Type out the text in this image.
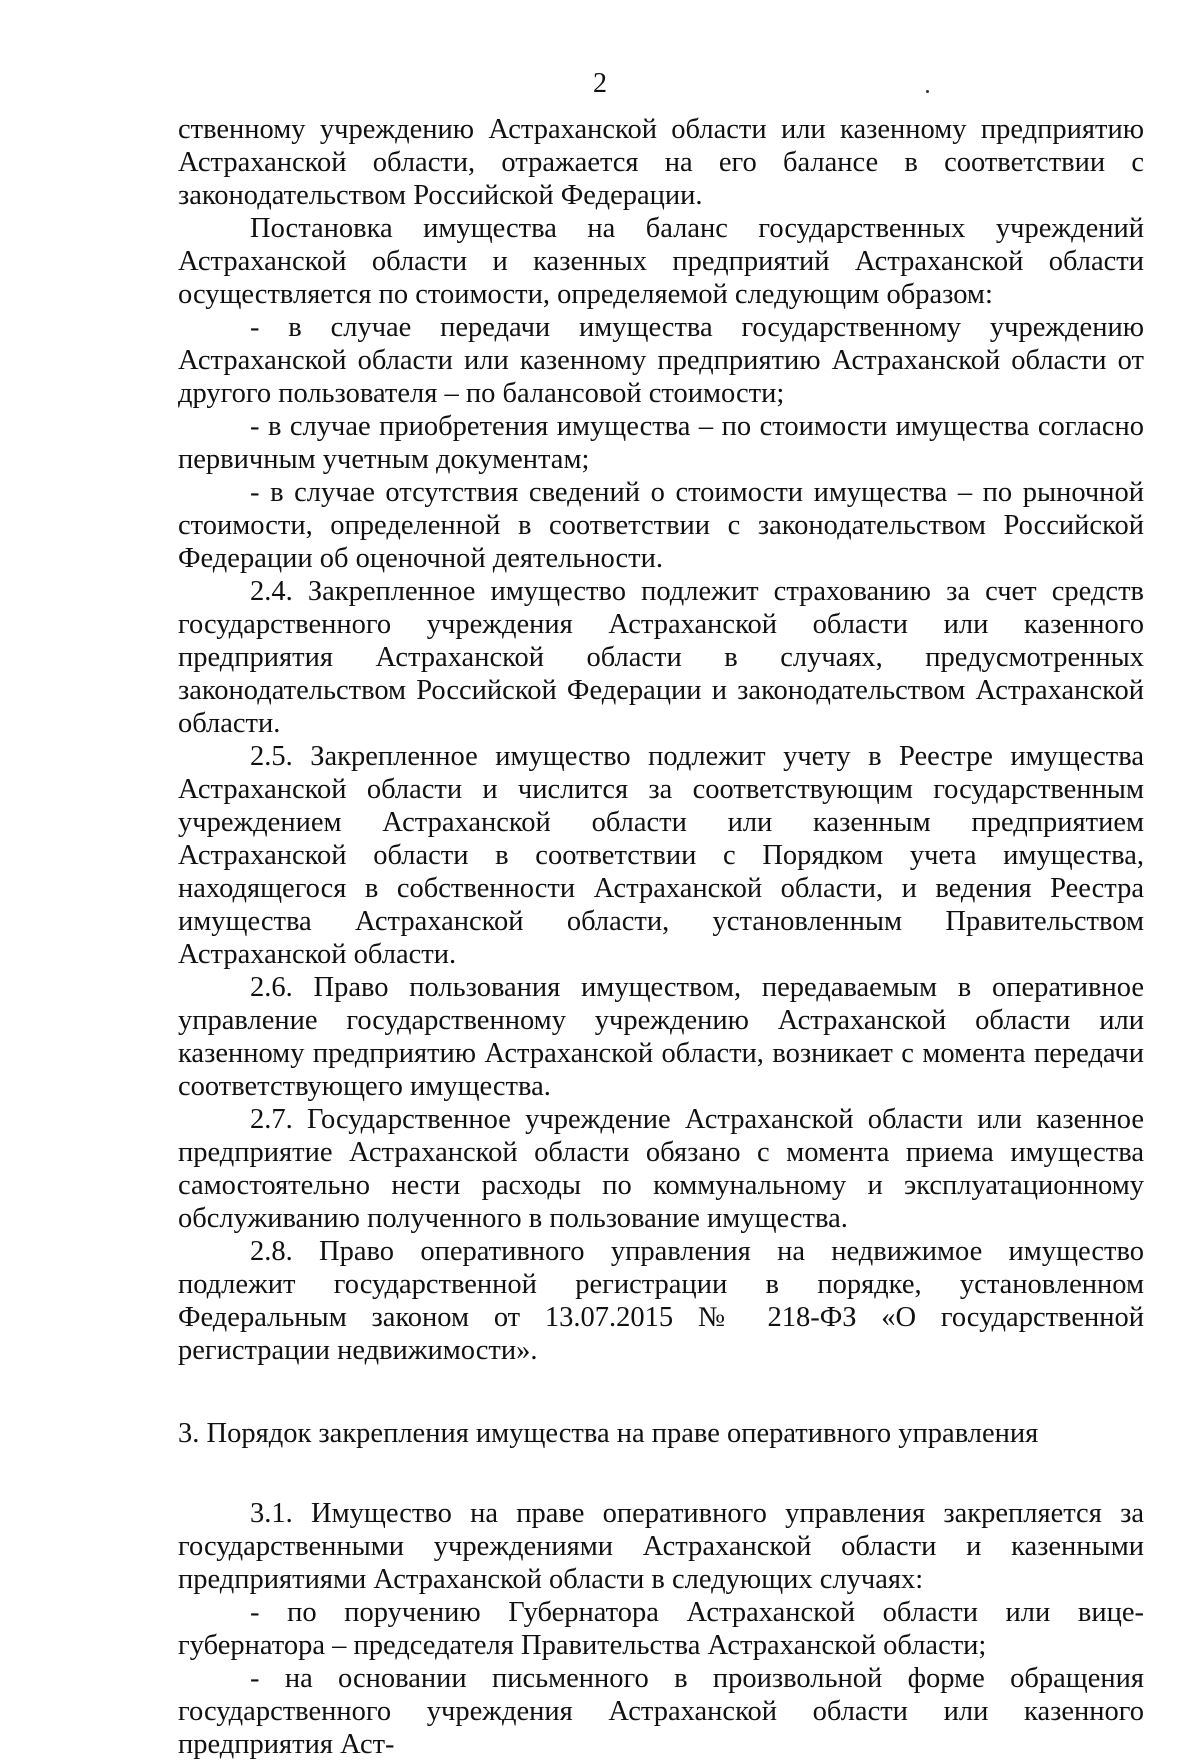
2

ственному учреждению Астраханской области или казенному предприятию Астраханской области, отражается на его балансе в соответствии с законодательством Российской Федерации.

Постановка имущества на баланс государственных учреждений Астраханской области и казенных предприятий Астраханской области осуществляется по стоимости, определяемой следующим образом:

- в случае передачи имущества государственному учреждению Астраханской области или казенному предприятию Астраханской области от другого пользователя – по балансовой стоимости;

- в случае приобретения имущества – по стоимости имущества согласно первичным учетным документам;

- в случае отсутствия сведений о стоимости имущества – по рыночной стоимости, определенной в соответствии с законодательством Российской Федерации об оценочной деятельности.

2.4. Закрепленное имущество подлежит страхованию за счет средств государственного учреждения Астраханской области или казенного предприятия Астраханской области в случаях, предусмотренных законодательством Российской Федерации и законодательством Астраханской области.

2.5. Закрепленное имущество подлежит учету в Реестре имущества Астраханской области и числится за соответствующим государственным учреждением Астраханской области или казенным предприятием Астраханской области в соответствии с Порядком учета имущества, находящегося в собственности Астраханской области, и ведения Реестра имущества Астраханской области, установленным Правительством Астраханской области.

2.6. Право пользования имуществом, передаваемым в оперативное управление государственному учреждению Астраханской области или казенному предприятию Астраханской области, возникает с момента передачи соответствующего имущества.

2.7. Государственное учреждение Астраханской области или казенное предприятие Астраханской области обязано с момента приема имущества самостоятельно нести расходы по коммунальному и эксплуатационному обслуживанию полученного в пользование имущества.

2.8. Право оперативного управления на недвижимое имущество подлежит государственной регистрации в порядке, установленном Федеральным законом от 13.07.2015 № 218-ФЗ «О государственной регистрации недвижимости».

3. Порядок закрепления имущества на праве оперативного управления

3.1. Имущество на праве оперативного управления закрепляется за государственными учреждениями Астраханской области и казенными предприятиями Астраханской области в следующих случаях:

- по поручению Губернатора Астраханской области или вице-губернатора – председателя Правительства Астраханской области;

- на основании письменного в произвольной форме обращения государственного учреждения Астраханской области или казенного предприятия Аст-
